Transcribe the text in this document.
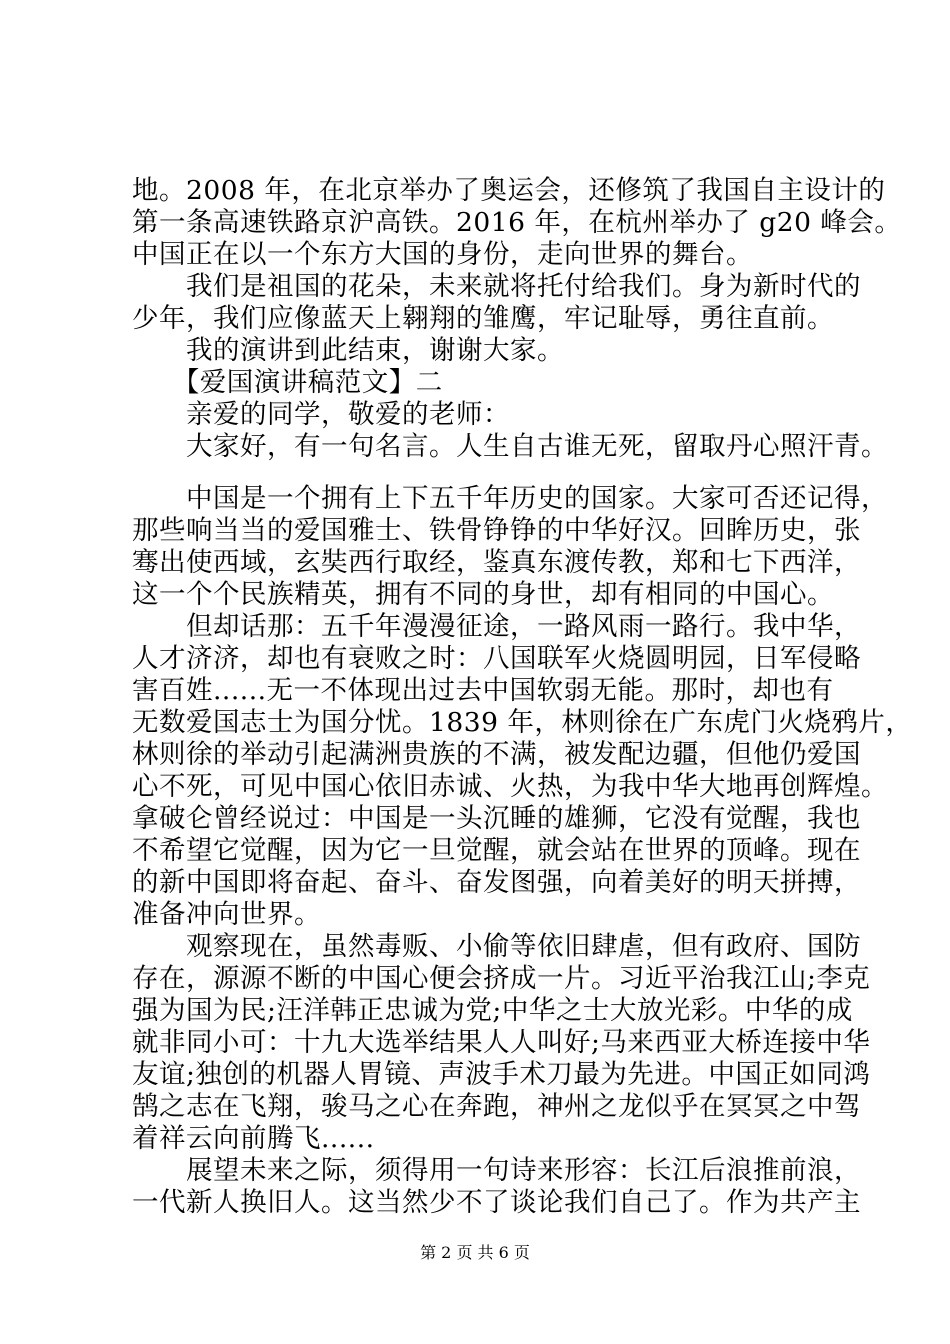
地。2008 年，在北京举办了奥运会，还修筑了我国自主设计的
第一条高速铁路京沪高铁。2016 年，在杭州举办了 g20 峰会。
中国正在以一个东方大国的身份，走向世界的舞台。
　　我们是祖国的花朵，未来就将托付给我们。身为新时代的
少年，我们应像蓝天上翱翔的雏鹰，牢记耻辱，勇往直前。
　　我的演讲到此结束，谢谢大家。
　　【爱国演讲稿范文】二
　　亲爱的同学，敬爱的老师：
　　大家好，有一句名言。人生自古谁无死，留取丹心照汗青。
　　中国是一个拥有上下五千年历史的国家。大家可否还记得，
那些响当当的爱国雅士、铁骨铮铮的中华好汉。回眸历史，张
骞出使西域，玄奘西行取经，鉴真东渡传教，郑和七下西洋，
这一个个民族精英，拥有不同的身世，却有相同的中国心。
　　但却话那：五千年漫漫征途，一路风雨一路行。我中华，
人才济济，却也有衰败之时：八国联军火烧圆明园，日军侵略
害百姓......无一不体现出过去中国软弱无能。那时，却也有
无数爱国志士为国分忧。1839 年，林则徐在广东虎门火烧鸦片，
林则徐的举动引起满洲贵族的不满，被发配边疆，但他仍爱国
心不死，可见中国心依旧赤诚、火热，为我中华大地再创辉煌。
拿破仑曾经说过：中国是一头沉睡的雄狮，它没有觉醒，我也
不希望它觉醒，因为它一旦觉醒，就会站在世界的顶峰。现在
的新中国即将奋起、奋斗、奋发图强，向着美好的明天拼搏，
准备冲向世界。
　　观察现在，虽然毒贩、小偷等依旧肆虐，但有政府、国防
存在，源源不断的中国心便会挤成一片。习近平治我江山;李克
强为国为民;汪洋韩正忠诚为党;中华之士大放光彩。中华的成
就非同小可：十九大选举结果人人叫好;马来西亚大桥连接中华
友谊;独创的机器人胃镜、声波手术刀最为先进。中国正如同鸿
鹄之志在飞翔，骏马之心在奔跑，神州之龙似乎在冥冥之中驾
着祥云向前腾飞......
　　展望未来之际，须得用一句诗来形容：长江后浪推前浪，
一代新人换旧人。这当然少不了谈论我们自己了。作为共产主
第 2 页 共 6 页
